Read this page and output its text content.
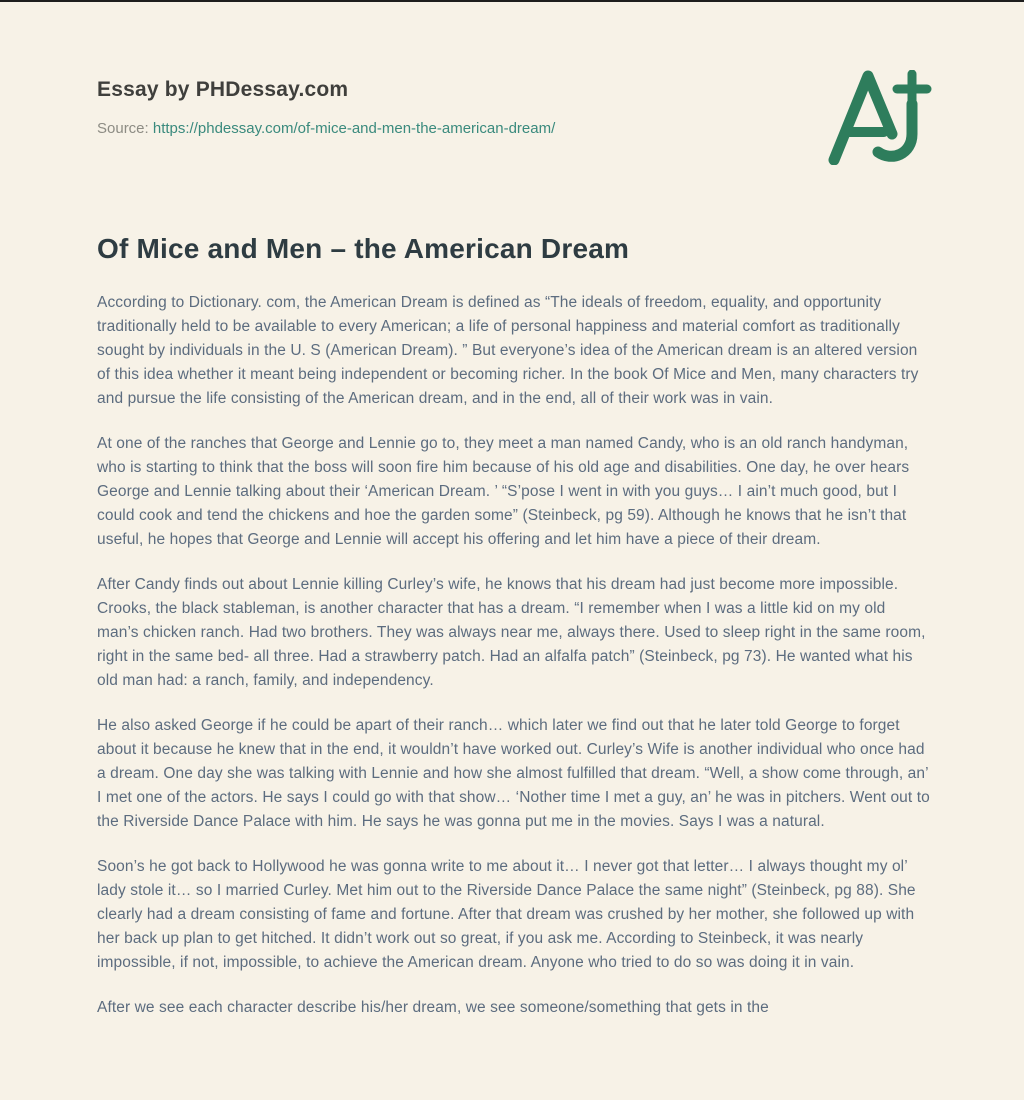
Essay by PHDessay.com
Source: https://phdessay.com/of-mice-and-men-the-american-dream/
Of Mice and Men – the American Dream

According to Dictionary. com, the American Dream is defined as “The ideals of freedom, equality, and opportunity traditionally held to be available to every American; a life of personal happiness and material comfort as traditionally sought by individuals in the U. S (American Dream). ” But everyone’s idea of the American dream is an altered version of this idea whether it meant being independent or becoming richer. In the book Of Mice and Men, many characters try and pursue the life consisting of the American dream, and in the end, all of their work was in vain.

At one of the ranches that George and Lennie go to, they meet a man named Candy, who is an old ranch handyman, who is starting to think that the boss will soon fire him because of his old age and disabilities. One day, he over hears George and Lennie talking about their ‘American Dream. ’ “S’pose I went in with you guys… I ain’t much good, but I could cook and tend the chickens and hoe the garden some” (Steinbeck, pg 59). Although he knows that he isn’t that useful, he hopes that George and Lennie will accept his offering and let him have a piece of their dream.

After Candy finds out about Lennie killing Curley’s wife, he knows that his dream had just become more impossible. Crooks, the black stableman, is another character that has a dream. “I remember when I was a little kid on my old man’s chicken ranch. Had two brothers. They was always near me, always there. Used to sleep right in the same room, right in the same bed- all three. Had a strawberry patch. Had an alfalfa patch” (Steinbeck, pg 73). He wanted what his old man had: a ranch, family, and independency.

He also asked George if he could be apart of their ranch… which later we find out that he later told George to forget about it because he knew that in the end, it wouldn’t have worked out. Curley’s Wife is another individual who once had a dream. One day she was talking with Lennie and how she almost fulfilled that dream. “Well, a show come through, an’ I met one of the actors. He says I could go with that show… ‘Nother time I met a guy, an’ he was in pitchers. Went out to the Riverside Dance Palace with him. He says he was gonna put me in the movies. Says I was a natural.

Soon’s he got back to Hollywood he was gonna write to me about it… I never got that letter… I always thought my ol’ lady stole it… so I married Curley. Met him out to the Riverside Dance Palace the same night” (Steinbeck, pg 88). She clearly had a dream consisting of fame and fortune. After that dream was crushed by her mother, she followed up with her back up plan to get hitched. It didn’t work out so great, if you ask me. According to Steinbeck, it was nearly impossible, if not, impossible, to achieve the American dream. Anyone who tried to do so was doing it in vain.

After we see each character describe his/her dream, we see someone/something that gets in the
